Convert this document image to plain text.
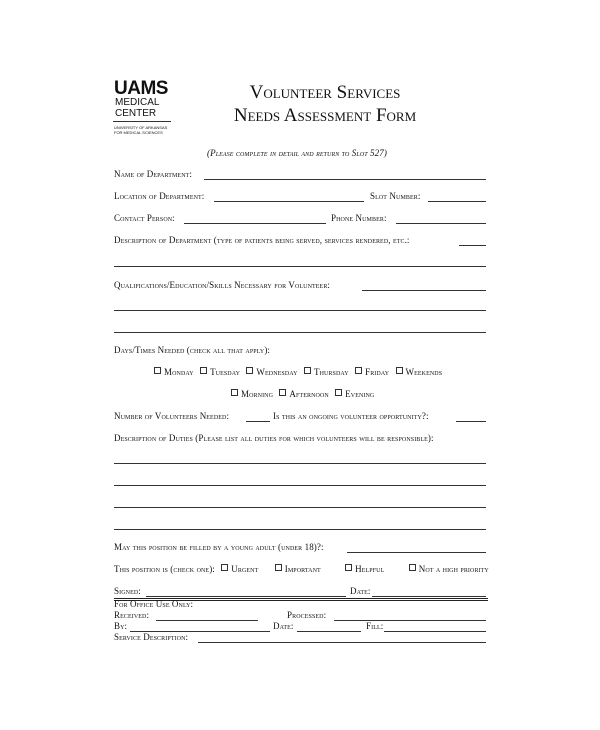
UAMS
MEDICAL
CENTER
UNIVERSITY OF ARKANSAS FOR MEDICAL SCIENCES
Volunteer Services
Needs Assessment Form
(Please complete in detail and return to Slot 527)
Name of Department:
Location of Department:	Slot Number:
Contact Person:	Phone Number:
Description of Department (type of patients being served, services rendered, etc.:
Qualifications/Education/Skills Necessary for Volunteer:
Days/Times Needed (check all that apply):
Monday Tuesday Wednesday Thursday Friday Weekends
Morning Afternoon Evening
Number of Volunteers Needed:	Is this an ongoing volunteer opportunity?:
Description of Duties (Please list all duties for which volunteers will be responsible):
May this position be filled by a young adult (under 18)?:
This position is (check one): Urgent	Important	Helpful	Not a high priority
Signed:	Date:
For Office Use Only:
Received:	Processed:
By:	Date:	Fill:
Service Description:
